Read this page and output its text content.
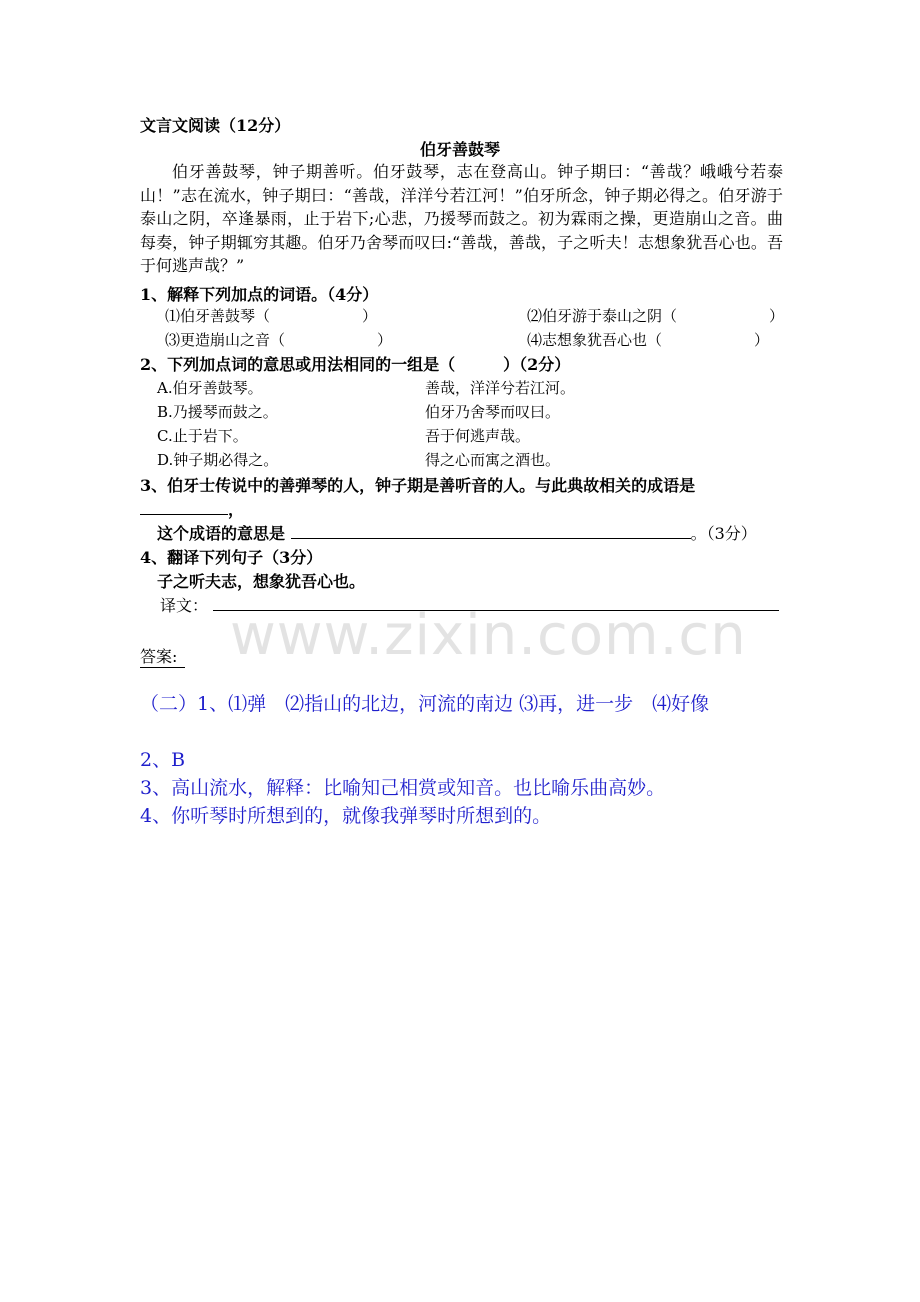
文言文阅读（12分）
伯牙善鼓琴
伯牙善鼓琴，钟子期善听。伯牙鼓琴，志在登高山。钟子期曰：“善哉？峨峨兮若泰山！”志在流水，钟子期曰：“善哉，洋洋兮若江河！”伯牙所念，钟子期必得之。伯牙游于泰山之阴，卒逢暴雨，止于岩下;心悲，乃援琴而鼓之。初为霖雨之操，更造崩山之音。曲每奏，钟子期辄穷其趣。伯牙乃舍琴而叹曰:“善哉，善哉，子之听夫！志想象犹吾心也。吾于何逃声哉？”
1、解释下列加点的词语。（4分）
⑴伯牙善鼓琴（	）	⑵伯牙游于泰山之阴（	）
⑶更造崩山之音（	）	⑷志想象犹吾心也（	）
2、下列加点词的意思或用法相同的一组是（	）（2分）
A.伯牙善鼓琴。	善哉，洋洋兮若江河。
B.乃援琴而鼓之。	伯牙乃舍琴而叹曰。
C.止于岩下。	吾于何逃声哉。
D.钟子期必得之。	得之心而寓之酒也。
3、伯牙士传说中的善弹琴的人，钟子期是善听音的人。与此典故相关的成语是
，
这个成语的意思是	。（3分）
4、翻译下列句子（3分）
子之听夫志，想象犹吾心也。
译文： www.zixin.com.cn
答案:
（二）1、⑴弹　⑵指山的北边，河流的南边 ⑶再，进一步　⑷好像
2、B
3、高山流水，解释：比喻知己相赏或知音。也比喻乐曲高妙。
4、你听琴时所想到的，就像我弹琴时所想到的。
